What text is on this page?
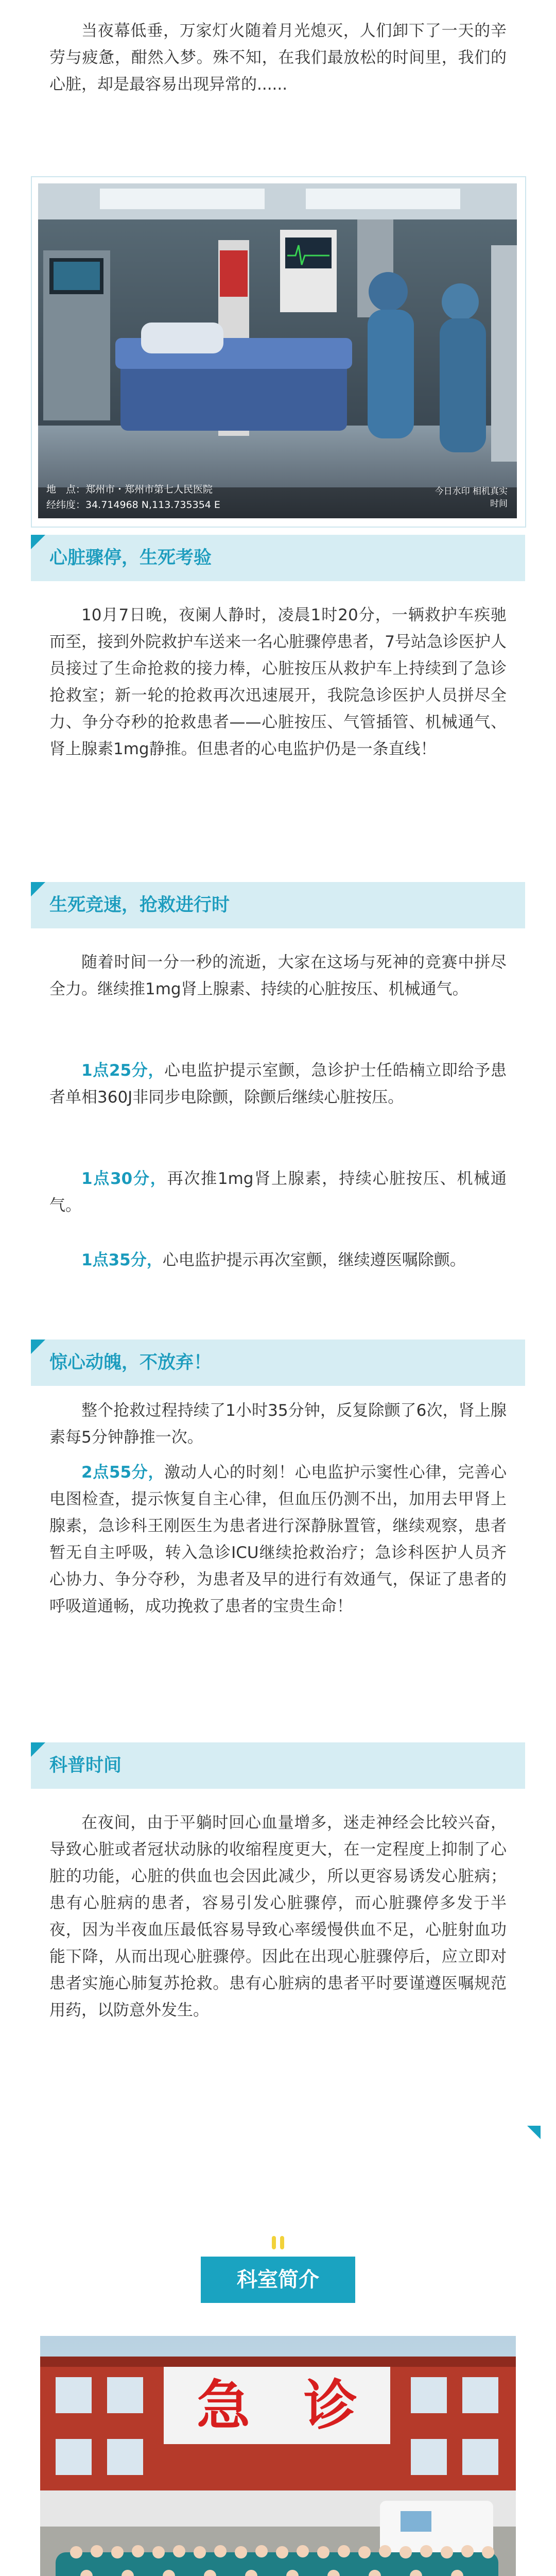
当夜幕低垂，万家灯火随着月光熄灭，人们卸下了一天的辛劳与疲惫，酣然入梦。殊不知，在我们最放松的时间里，我们的心脏，却是最容易出现异常的......

地　点：郑州市・郑州市第七人民医院
经纬度：34.714968 N,113.735354 E
今日水印 相机真实时间
心脏骤停，生死考验

10月7日晚，夜阑人静时，凌晨1时20分，一辆救护车疾驰而至，接到外院救护车送来一名心脏骤停患者，7号站急诊医护人员接过了生命抢救的接力棒，心脏按压从救护车上持续到了急诊抢救室；新一轮的抢救再次迅速展开，我院急诊医护人员拼尽全力、争分夺秒的抢救患者——心脏按压、气管插管、机械通气、肾上腺素1mg静推。但患者的心电监护仍是一条直线！

生死竞速，抢救进行时

随着时间一分一秒的流逝，大家在这场与死神的竞赛中拼尽全力。继续推1mg肾上腺素、持续的心脏按压、机械通气。

1点25分，心电监护提示室颤，急诊护士任皓楠立即给予患者单相360J非同步电除颤，除颤后继续心脏按压。

1点30分，再次推1mg肾上腺素，持续心脏按压、机械通气。

1点35分，心电监护提示再次室颤，继续遵医嘱除颤。

惊心动魄，不放弃！

整个抢救过程持续了1小时35分钟，反复除颤了6次，肾上腺素每5分钟静推一次。

2点55分，激动人心的时刻！心电监护示窦性心律，完善心电图检查，提示恢复自主心律，但血压仍测不出，加用去甲肾上腺素，急诊科王刚医生为患者进行深静脉置管，继续观察，患者暂无自主呼吸，转入急诊ICU继续抢救治疗；急诊科医护人员齐心协力、争分夺秒，为患者及早的进行有效通气，保证了患者的呼吸道通畅，成功挽救了患者的宝贵生命！

科普时间

在夜间，由于平躺时回心血量增多，迷走神经会比较兴奋，导致心脏或者冠状动脉的收缩程度更大，在一定程度上抑制了心脏的功能，心脏的供血也会因此减少，所以更容易诱发心脏病；患有心脏病的患者，容易引发心脏骤停，而心脏骤停多发于半夜，因为半夜血压最低容易导致心率缓慢供血不足，心脏射血功能下降，从而出现心脏骤停。因此在出现心脏骤停后，应立即对患者实施心肺复苏抢救。患有心脏病的患者平时要谨遵医嘱规范用药，以防意外发生。

科室简介
急　诊
